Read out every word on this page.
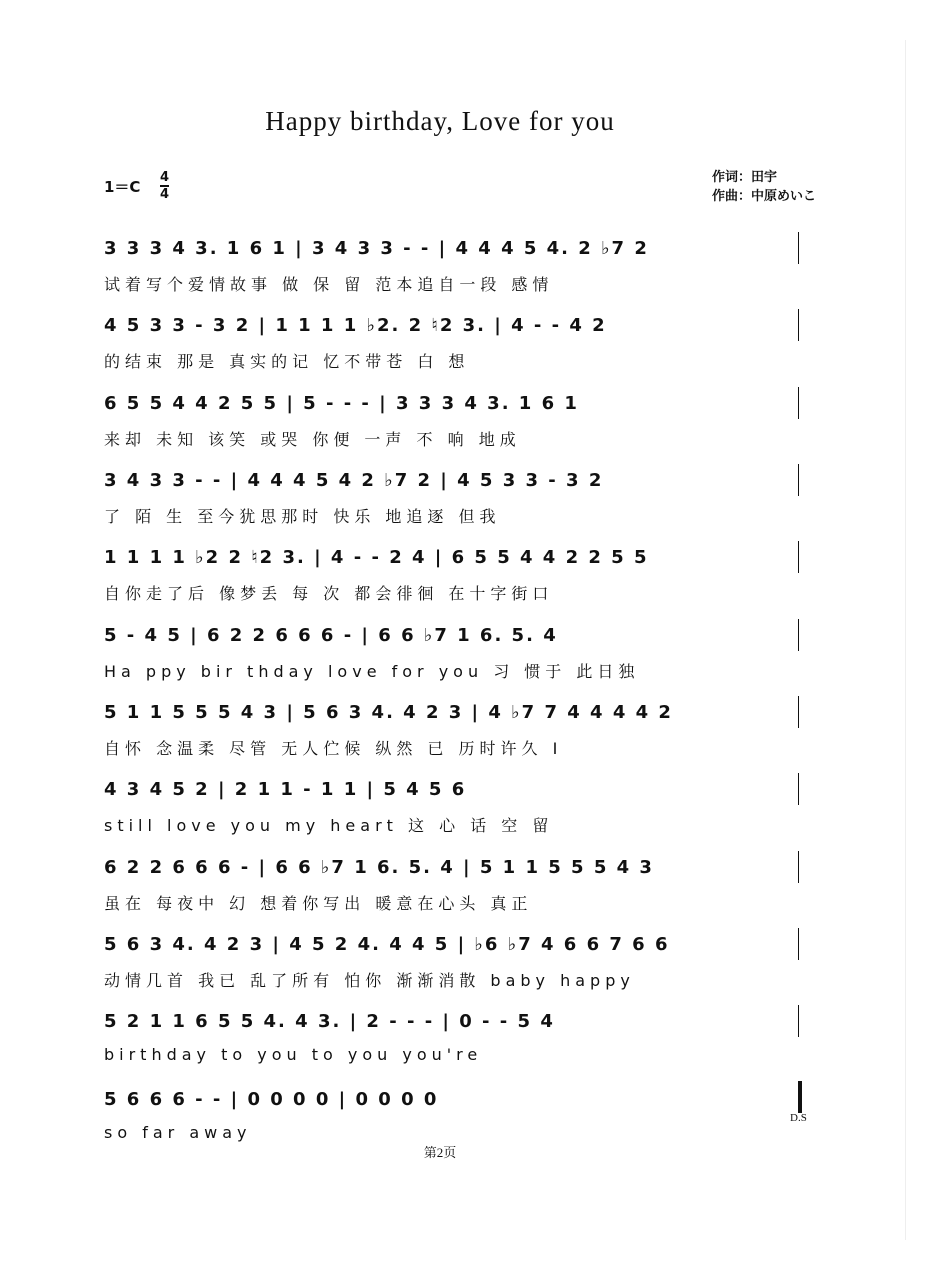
Happy birthday, Love for you
1＝C
4
4
作词：田宇
作曲：中原めいこ
3 3 3 4 3. 1 6 1 | 3 4 3 3 - - | 4 4 4 5 4. 2 ♭7 2
试着写个爱情故事 做 保 留 范本追自一段 感情
4 5 3 3 - 3 2 | 1 1 1 1 ♭2. 2 ♮2 3. | 4 - - 4 2
的结束 那是 真实的记 忆不带苍 白 想
6 5 5 4 4 2 5 5 | 5 - - - | 3 3 3 4 3. 1 6 1
来却 未知 该笑 或哭 你便 一声 不 响 地成
3 4 3 3 - - | 4 4 4 5 4 2 ♭7 2 | 4 5 3 3 - 3 2
了 陌 生 至今犹思那时 快乐 地追逐 但我
1 1 1 1 ♭2 2 ♮2 3. | 4 - - 2 4 | 6 5 5 4 4 2 2 5 5
自你走了后 像梦丢 每 次 都会徘徊 在十字街口
5 - 4 5 | 6 2 2 6 6 6 - | 6 6 ♭7 1 6. 5. 4
Ha ppy bir thday love for you 习 惯于 此日独
5 1 1 5 5 5 4 3 | 5 6 3 4. 4 2 3 | 4 ♭7 7 4 4 4 4 2
自怀 念温柔 尽管 无人伫候 纵然 已 历时许久 I
4 3 4 5 2 | 2 1 1 - 1 1 | 5 4 5 6
still love you my heart 这 心 话 空 留
6 2 2 6 6 6 - | 6 6 ♭7 1 6. 5. 4 | 5 1 1 5 5 5 4 3
虽在 每夜中 幻 想着你写出 暖意在心头 真正
5 6 3 4. 4 2 3 | 4 5 2 4. 4 4 5 | ♭6 ♭7 4 6 6 7 6 6
动情几首 我已 乱了所有 怕你 渐渐消散 baby happy
5 2 1 1 6 5 5 4. 4 3. | 2 - - - | 0 - - 5 4
birthday to you to you you're
5 6 6 6 - - | 0 0 0 0 | 0 0 0 0
so far away
D.S
第2页
